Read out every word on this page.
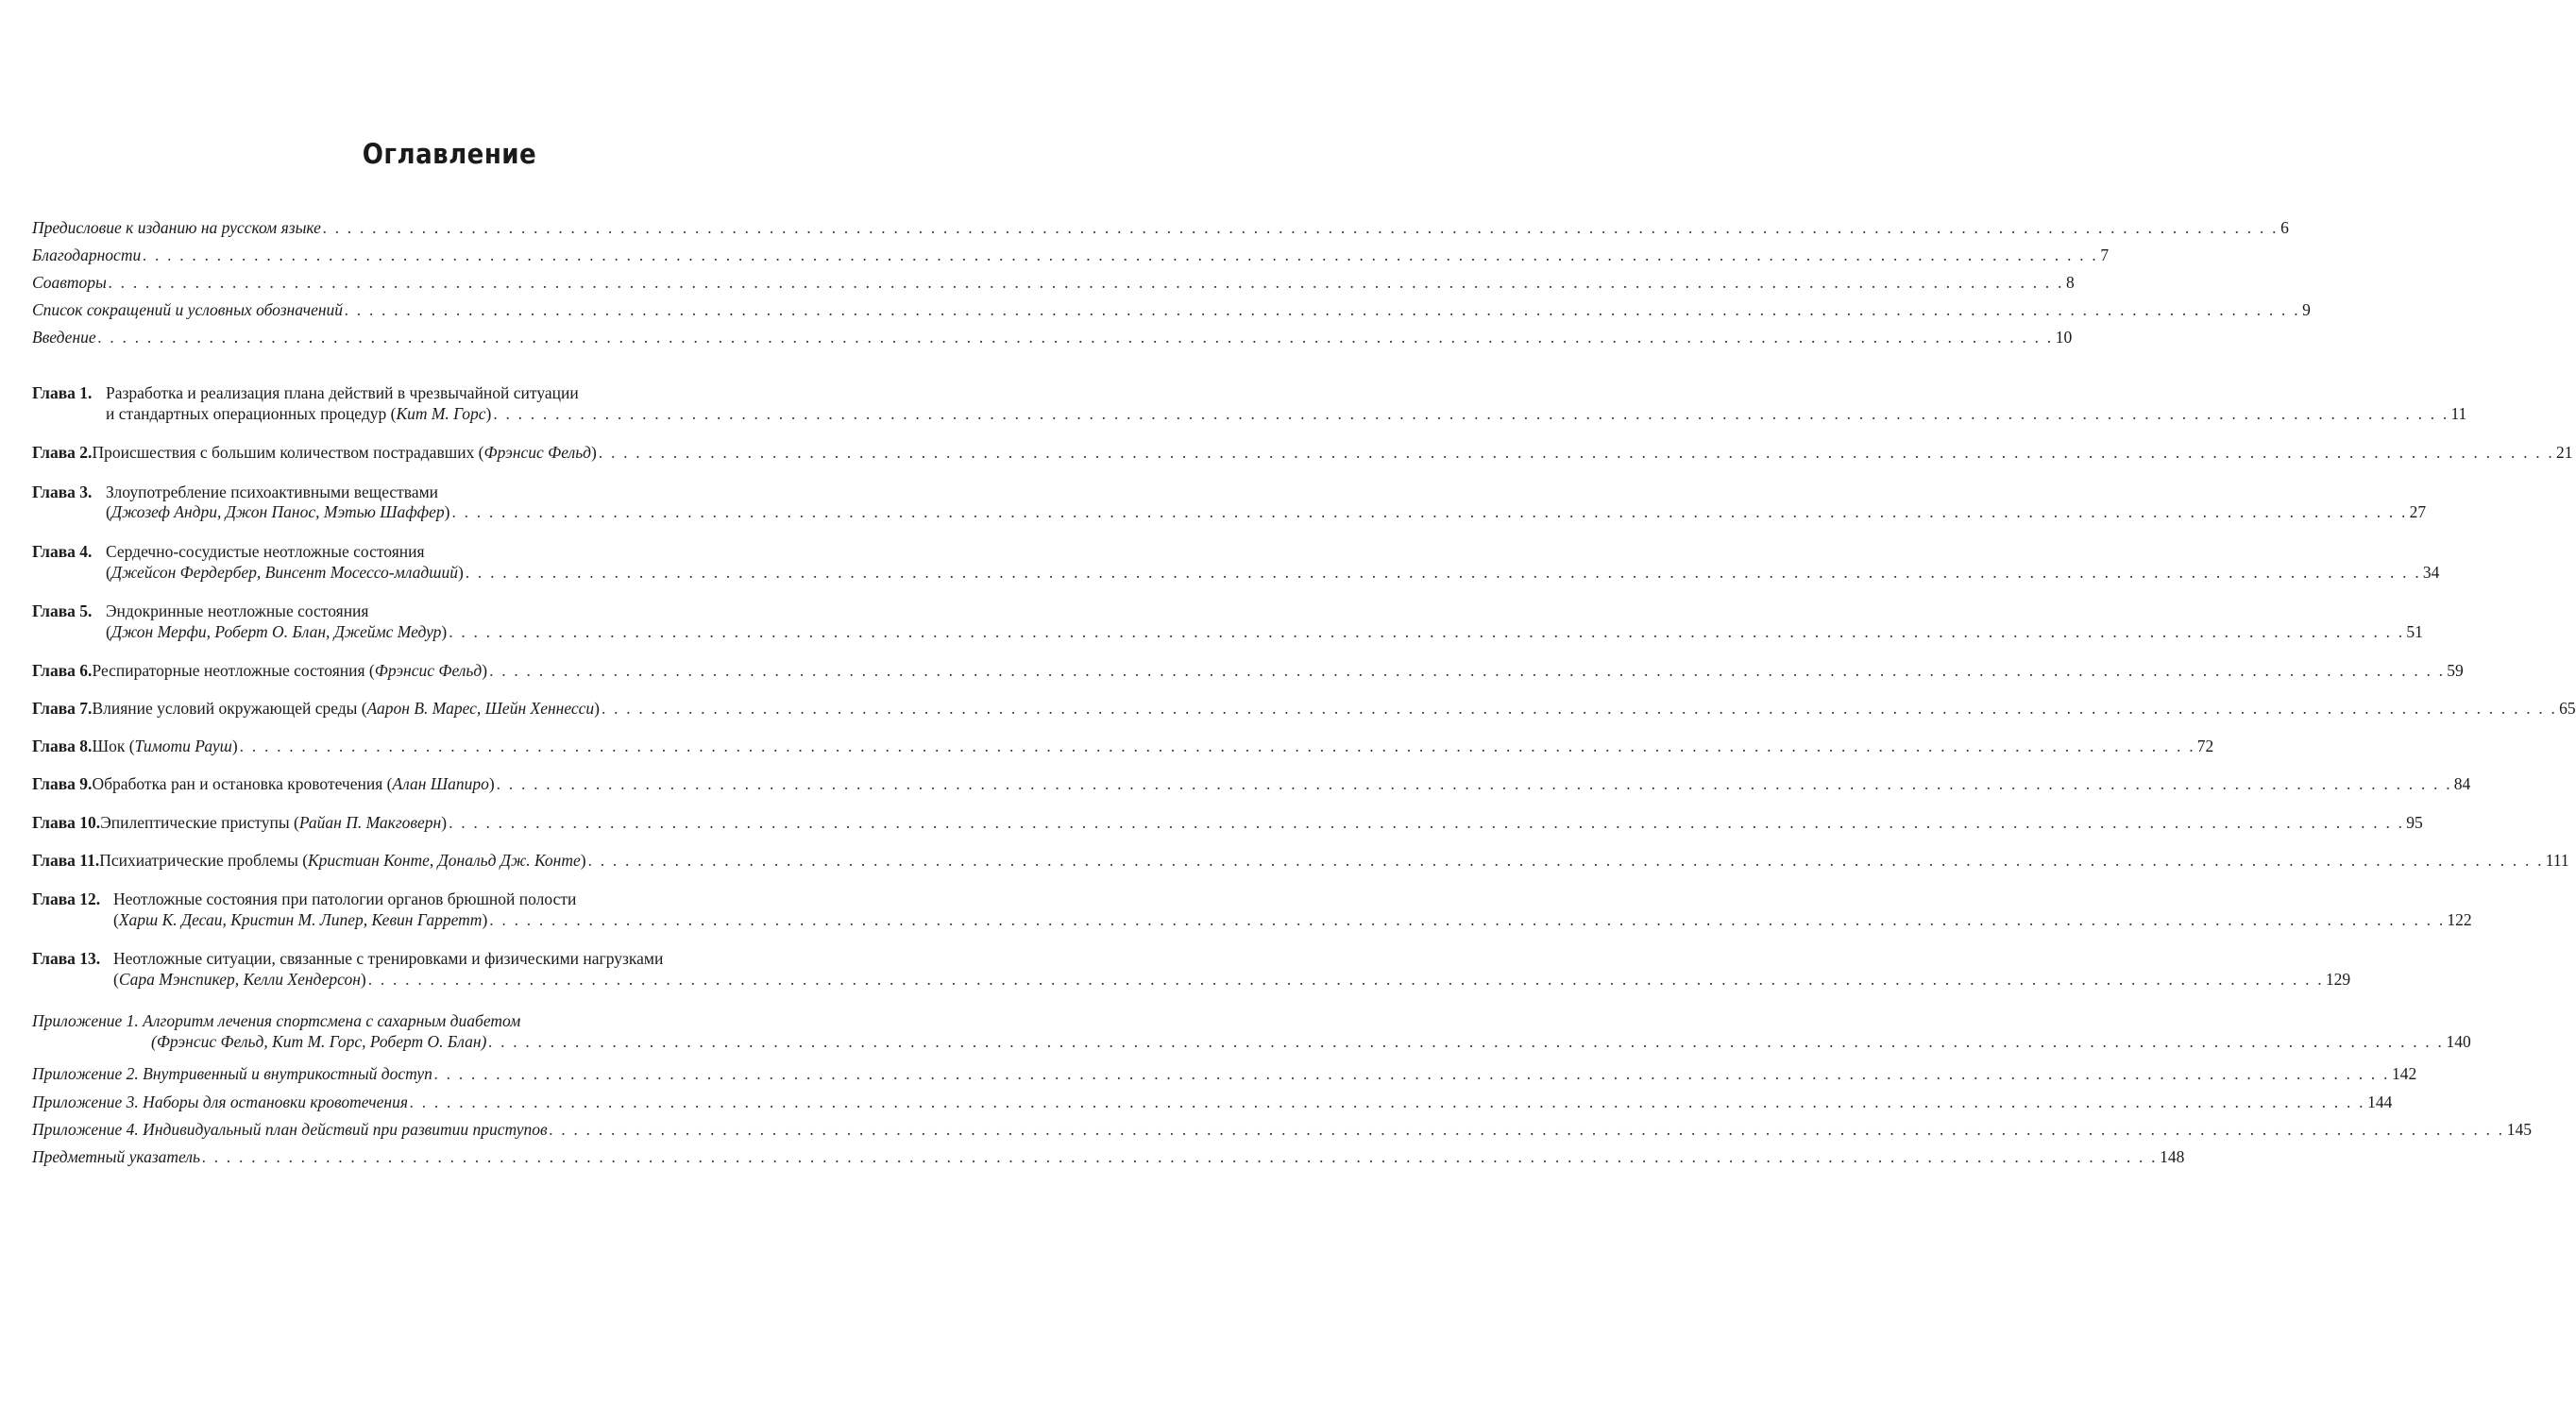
Оглавление
Предисловие к изданию на русском языке . . .	6
Благодарности . . .	7
Соавторы . . .	8
Список сокращений и условных обозначений . . .	9
Введение . . .	10
Глава 1. Разработка и реализация плана действий в чрезвычайной ситуации
и стандартных операционных процедур (Кит М. Горс) . . .	11
Глава 2. Происшествия с большим количеством пострадавших (Фрэнсис Фельд) . . .	21
Глава 3. Злоупотребление психоактивными веществами
(Джозеф Андри, Джон Панос, Мэтью Шаффер) . . .	27
Глава 4. Сердечно-сосудистые неотложные состояния
(Джейсон Фердербер, Винсент Мосессо-младший) . . .	34
Глава 5. Эндокринные неотложные состояния
(Джон Мерфи, Роберт О. Блан, Джеймс Медур) . . .	51
Глава 6. Респираторные неотложные состояния (Фрэнсис Фельд) . . .	59
Глава 7. Влияние условий окружающей среды (Аарон В. Марес, Шейн Хеннесси) . . .	65
Глава 8. Шок (Тимоти Рауш) . . .	72
Глава 9. Обработка ран и остановка кровотечения (Алан Шапиро) . . .	84
Глава 10. Эпилептические приступы (Райан П. Макговерн) . . .	95
Глава 11. Психиатрические проблемы (Кристиан Конте, Дональд Дж. Конте) . . .	111
Глава 12. Неотложные состояния при патологии органов брюшной полости
(Харш К. Десаи, Кристин М. Липер, Кевин Гарретт) . . .	122
Глава 13. Неотложные ситуации, связанные с тренировками и физическими нагрузками
(Сара Мэнспикер, Келли Хендерсон) . . .	129
Приложение 1. Алгоритм лечения спортсмена с сахарным диабетом
(Фрэнсис Фельд, Кит М. Горс, Роберт О. Блан) . . .	140
Приложение 2. Внутривенный и внутрикостный доступ . . .	142
Приложение 3. Наборы для остановки кровотечения . . .	144
Приложение 4. Индивидуальный план действий при развитии приступов . . .	145
Предметный указатель . . .	148
